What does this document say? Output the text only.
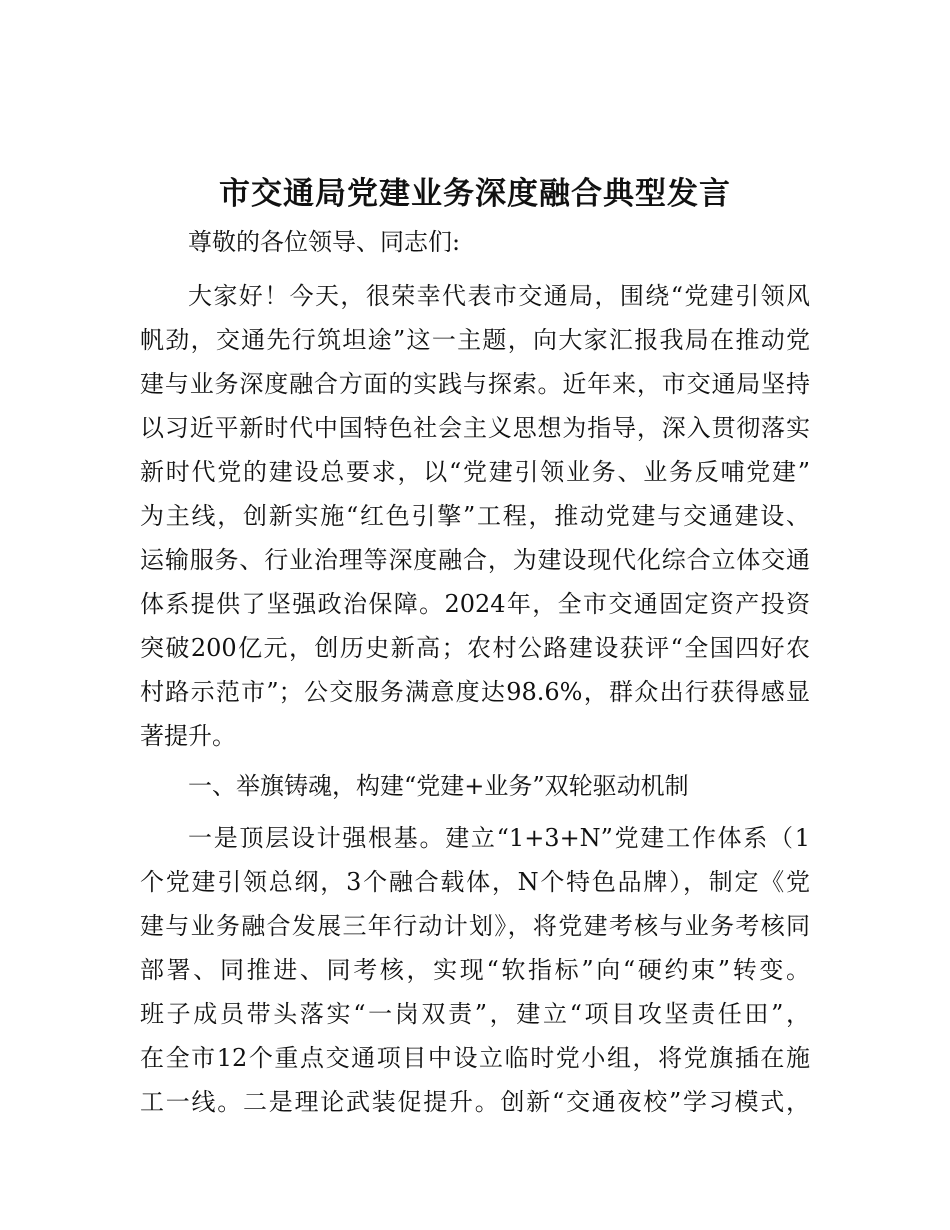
市交通局党建业务深度融合典型发言
尊敬的各位领导、同志们:
大家好！今天，很荣幸代表市交通局，围绕“党建引领风
帆劲，交通先行筑坦途”这一主题，向大家汇报我局在推动党
建与业务深度融合方面的实践与探索。近年来，市交通局坚持
以习近平新时代中国特色社会主义思想为指导，深入贯彻落实
新时代党的建设总要求，以“党建引领业务、业务反哺党建”
为主线，创新实施“红色引擎”工程，推动党建与交通建设、
运输服务、行业治理等深度融合，为建设现代化综合立体交通
体系提供了坚强政治保障。2024年，全市交通固定资产投资
突破200亿元，创历史新高；农村公路建设获评“全国四好农
村路示范市”；公交服务满意度达98.6%，群众出行获得感显
著提升。
一、举旗铸魂，构建“党建+业务”双轮驱动机制
一是顶层设计强根基。建立“1+3+N”党建工作体系（1
个党建引领总纲，3个融合载体，N个特色品牌），制定《党
建与业务融合发展三年行动计划》，将党建考核与业务考核同
部署、同推进、同考核，实现“软指标”向“硬约束”转变。
班子成员带头落实“一岗双责”，建立“项目攻坚责任田”，
在全市12个重点交通项目中设立临时党小组，将党旗插在施
工一线。二是理论武装促提升。创新“交通夜校”学习模式，
